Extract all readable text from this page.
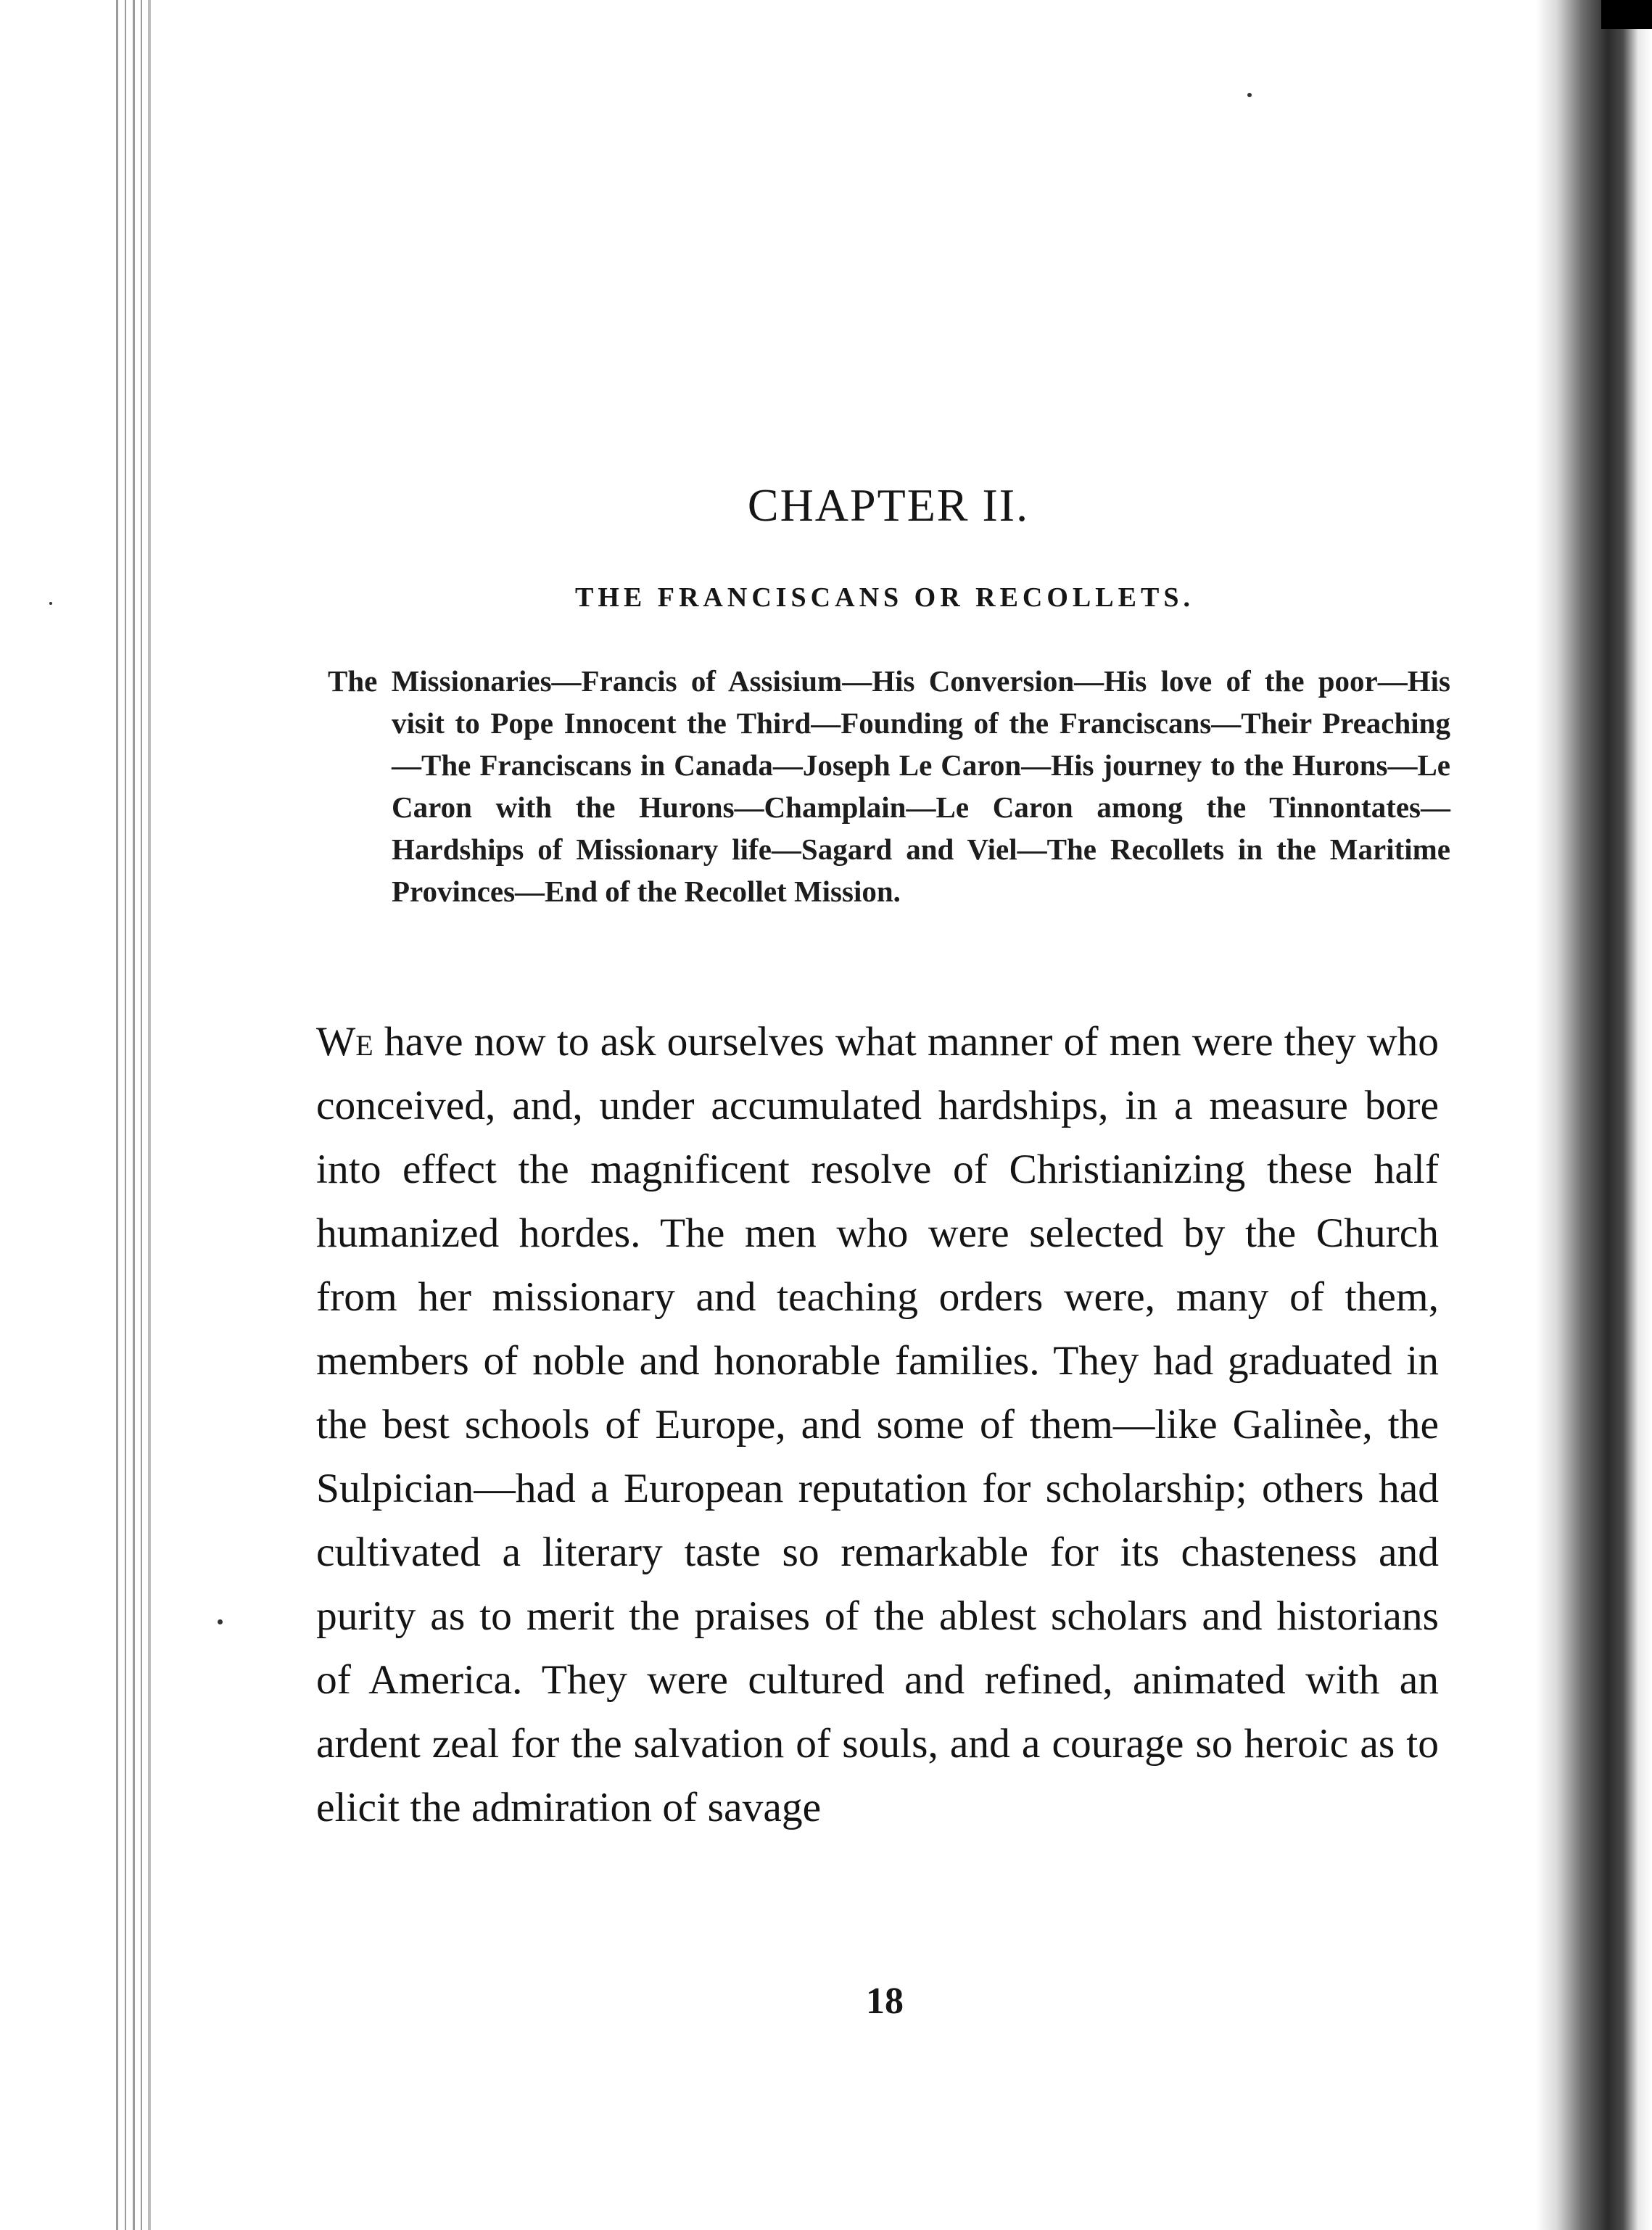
CHAPTER II.
THE FRANCISCANS OR RECOLLETS.

The Missionaries—Francis of Assisium—His Conversion—His love of the poor—His visit to Pope Innocent the Third—Founding of the Franciscans—Their Preaching—The Franciscans in Canada—Joseph Le Caron—His journey to the Hurons—Le Caron with the Hurons—Champlain—Le Caron among the Tinnontates—Hardships of Missionary life—Sagard and Viel—The Recollets in the Maritime Provinces—End of the Recollet Mission.

We have now to ask ourselves what manner of men were they who conceived, and, under accumulated hardships, in a measure bore into effect the magnificent resolve of Christianizing these half humanized hordes. The men who were selected by the Church from her missionary and teaching orders were, many of them, members of noble and honorable families. They had graduated in the best schools of Europe, and some of them—like Galinèe, the Sulpician—had a European reputation for scholarship; others had cultivated a literary taste so remarkable for its chasteness and purity as to merit the praises of the ablest scholars and historians of America. They were cultured and refined, animated with an ardent zeal for the salvation of souls, and a courage so heroic as to elicit the admiration of savage

18
